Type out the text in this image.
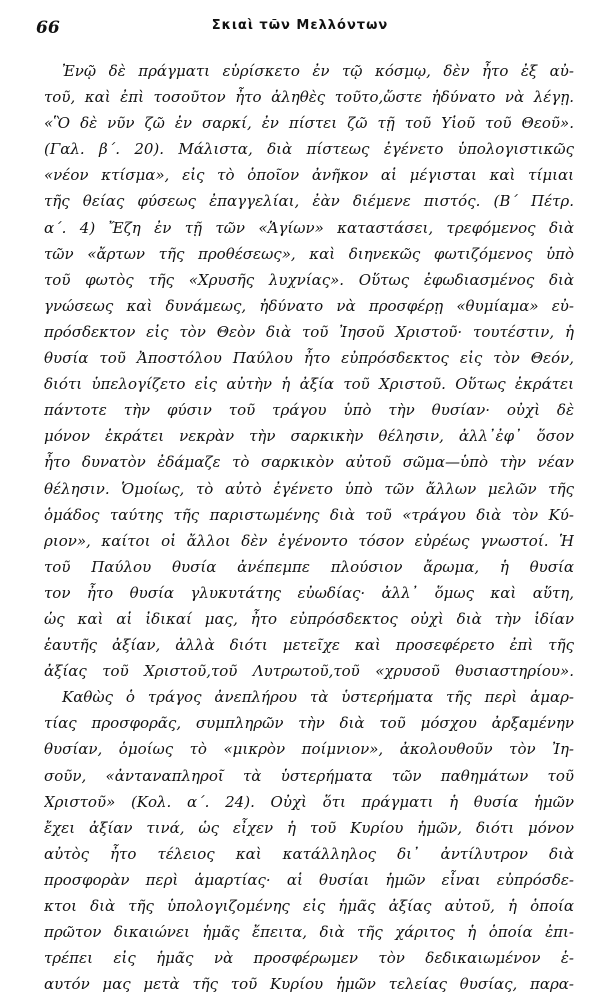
66	Σκιαὶ τῶν Μελλόντων
Ἐνῷ δὲ πράγματι εὑρίσκετο ἐν τῷ κόσμῳ, δὲν ἦτο ἐξ αὐ-
τοῦ, καὶ ἐπὶ τοσοῦτον ἦτο ἀληθὲς τοῦτο,ὥστε ἠδύνατο νὰ λέγῃ.
«Ὃ δὲ νῦν ζῶ ἐν σαρκί, ἐν πίστει ζῶ τῇ τοῦ Υἱοῦ τοῦ Θεοῦ».
(Γαλ. β΄. 20). Μάλιστα, διὰ πίστεως ἐγένετο ὑπολογιστικῶς
«νέον κτίσμα», εἰς τὸ ὁποῖον ἀνῆκον αἱ μέγισται καὶ τίμιαι
τῆς θείας φύσεως ἐπαγγελίαι, ἐὰν διέμενε πιστός. (Β΄ Πέτρ.
α΄. 4) Ἔζη ἐν τῇ τῶν «Ἁγίων» καταστάσει, τρεφόμενος διὰ
τῶν «ἄρτων τῆς προθέσεως», καὶ διηνεκῶς φωτιζόμενος ὑπὸ
τοῦ φωτὸς τῆς «Χρυσῆς λυχνίας». Οὕτως ἐφωδιασμένος διὰ
γνώσεως καὶ δυνάμεως, ἠδύνατο νὰ προσφέρῃ «θυμίαμα» εὐ-
πρόσδεκτον εἰς τὸν Θεὸν διὰ τοῦ Ἰησοῦ Χριστοῦ· τουτέστιν, ἡ
θυσία τοῦ Ἀποστόλου Παύλου ἦτο εὐπρόσδεκτος εἰς τὸν Θεόν,
διότι ὑπελογίζετο εἰς αὐτὴν ἡ ἀξία τοῦ Χριστοῦ. Οὕτως ἐκράτει
πάντοτε τὴν φύσιν τοῦ τράγου ὑπὸ τὴν θυσίαν· οὐχὶ δὲ
μόνον ἐκράτει νεκρὰν τὴν σαρκικὴν θέλησιν, ἀλλ᾽ἐφ᾽ ὅσον
ἦτο δυνατὸν ἐδάμαζε τὸ σαρκικὸν αὐτοῦ σῶμα—ὑπὸ τὴν νέαν
θέλησιν. Ὁμοίως, τὸ αὐτὸ ἐγένετο ὑπὸ τῶν ἄλλων μελῶν τῆς
ὁμάδος ταύτης τῆς παριστωμένης διὰ τοῦ «τράγου διὰ τὸν Κύ-
ριον», καίτοι οἱ ἄλλοι δὲν ἐγένοντο τόσον εὐρέως γνωστοί. Ἡ
τοῦ Παύλου θυσία ἀνέπεμπε πλούσιον ἄρωμα, ἡ θυσία
τον ἦτο θυσία γλυκυτάτης εὐωδίας· ἀλλ᾽ ὅμως καὶ αὕτη,
ὡς καὶ αἱ ἰδικαί μας, ἦτο εὐπρόσδεκτος οὐχὶ διὰ τὴν ἰδίαν
ἑαυτῆς ἀξίαν, ἀλλὰ διότι μετεῖχε καὶ προσεφέρετο ἐπὶ τῆς
ἀξίας τοῦ Χριστοῦ,τοῦ Λυτρωτοῦ,τοῦ «χρυσοῦ θυσιαστηρίου».
Καθὼς ὁ τράγος ἀνεπλήρου τὰ ὑστερήματα τῆς περὶ ἁμαρ-
τίας προσφορᾶς, συμπληρῶν τὴν διὰ τοῦ μόσχου ἀρξαμένην
θυσίαν, ὁμοίως τὸ «μικρὸν ποίμνιον», ἀκολουθοῦν τὸν Ἰη-
σοῦν, «ἀνταναπληροῖ τὰ ὑστερήματα τῶν παθημάτων τοῦ
Χριστοῦ» (Κολ. α΄. 24). Οὐχὶ ὅτι πράγματι ἡ θυσία ἡμῶν
ἔχει ἀξίαν τινά, ὡς εἶχεν ἡ τοῦ Κυρίου ἡμῶν, διότι μόνον
αὐτὸς ἦτο τέλειος καὶ κατάλληλος δι᾽ ἀντίλυτρον διὰ
προσφορὰν περὶ ἁμαρτίας· αἱ θυσίαι ἡμῶν εἶναι εὐπρόσδε-
κτοι διὰ τῆς ὑπολογιζομένης εἰς ἡμᾶς ἀξίας αὐτοῦ, ἡ ὁποία
πρῶτον δικαιώνει ἡμᾶς ἔπειτα, διὰ τῆς χάριτος ἡ ὁποία ἐπι-
τρέπει εἰς ἡμᾶς νὰ προσφέρωμεν τὸν δεδικαιωμένον ἑ-
αυτόν μας μετὰ τῆς τοῦ Κυρίου ἡμῶν τελείας θυσίας, παρα-
